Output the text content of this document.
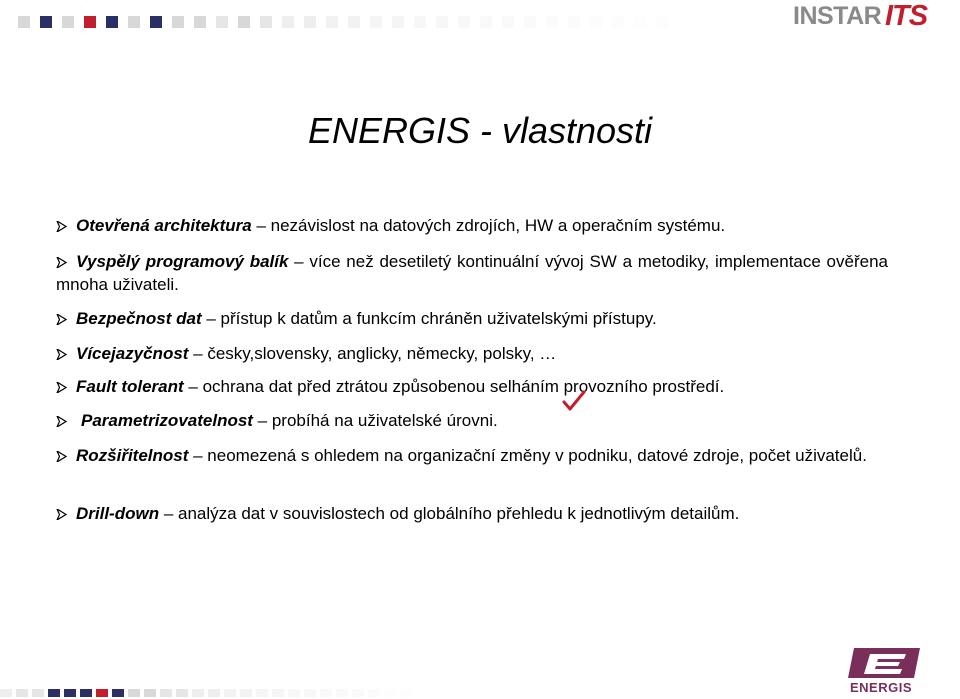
INSTAR ITS
ENERGIS - vlastnosti
Otevřená architektura – nezávislost na datových zdrojích, HW a operačním systému.
Vyspělý programový balík – více než desetiletý kontinuální vývoj SW a metodiky, implementace ověřena mnoha uživateli.
Bezpečnost dat – přístup k datům a funkcím chráněn uživatelskými přístupy.
Vícejazyčnost – česky,slovensky, anglicky, německy, polsky, …
Fault tolerant – ochrana dat před ztrátou způsobenou selháním provozního prostředí.
Parametrizovatelnost – probíhá na uživatelské úrovni.
Rozšiřitelnost – neomezená s ohledem na organizační změny v podniku, datové zdroje, počet uživatelů.
Drill-down – analýza dat v souvislostech od globálního přehledu k jednotlivým detailům.
ENERGIS
